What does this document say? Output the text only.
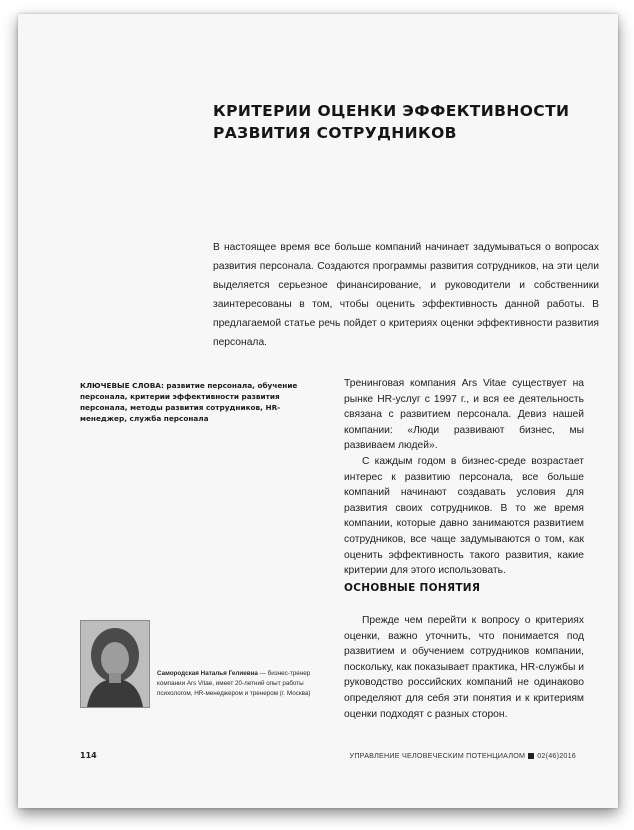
КРИТЕРИИ ОЦЕНКИ ЭФФЕКТИВНОСТИ
РАЗВИТИЯ СОТРУДНИКОВ

В настоящее время все больше компаний начинает задумываться о вопросах развития персонала. Создаются программы развития сотрудников, на эти цели выделяется серьезное финансирование, и руководители и собственники заинтересованы в том, чтобы оценить эффективность данной работы. В предлагаемой статье речь пойдет о критериях оценки эффективности развития персонала.

КЛЮЧЕВЫЕ СЛОВА: развитие персонала, обучение персонала, критерии эффективности развития персонала, методы развития сотрудников, HR-менеджер, служба персонала

Тренинговая компания Ars Vitae существует на рынке HR-услуг с 1997 г., и вся ее деятельность связана с развитием персонала. Девиз нашей компании: «Люди развивают бизнес, мы развиваем людей».

С каждым годом в бизнес-среде возрастает интерес к развитию персонала, все больше компаний начинают создавать условия для развития своих сотрудников. В то же время компании, которые давно занимаются развитием сотрудников, все чаще задумываются о том, как оценить эффективность такого развития, какие критерии для этого использовать.

ОСНОВНЫЕ ПОНЯТИЯ

Прежде чем перейти к вопросу о критериях оценки, важно уточнить, что понимается под развитием и обучением сотрудников компании, поскольку, как показывает практика, HR-службы и руководство российских компаний не одинаково определяют для себя эти понятия и к критериям оценки подходят с разных сторон.

Самородская Наталья Гелиевна — бизнес-тренер компании Ars Vitae, имеет 20-летний опыт работы психологом, HR-менеджером и тренером (г. Москва)

114	УПРАВЛЕНИЕ ЧЕЛОВЕЧЕСКИМ ПОТЕНЦИАЛОМ 02(46)2016
